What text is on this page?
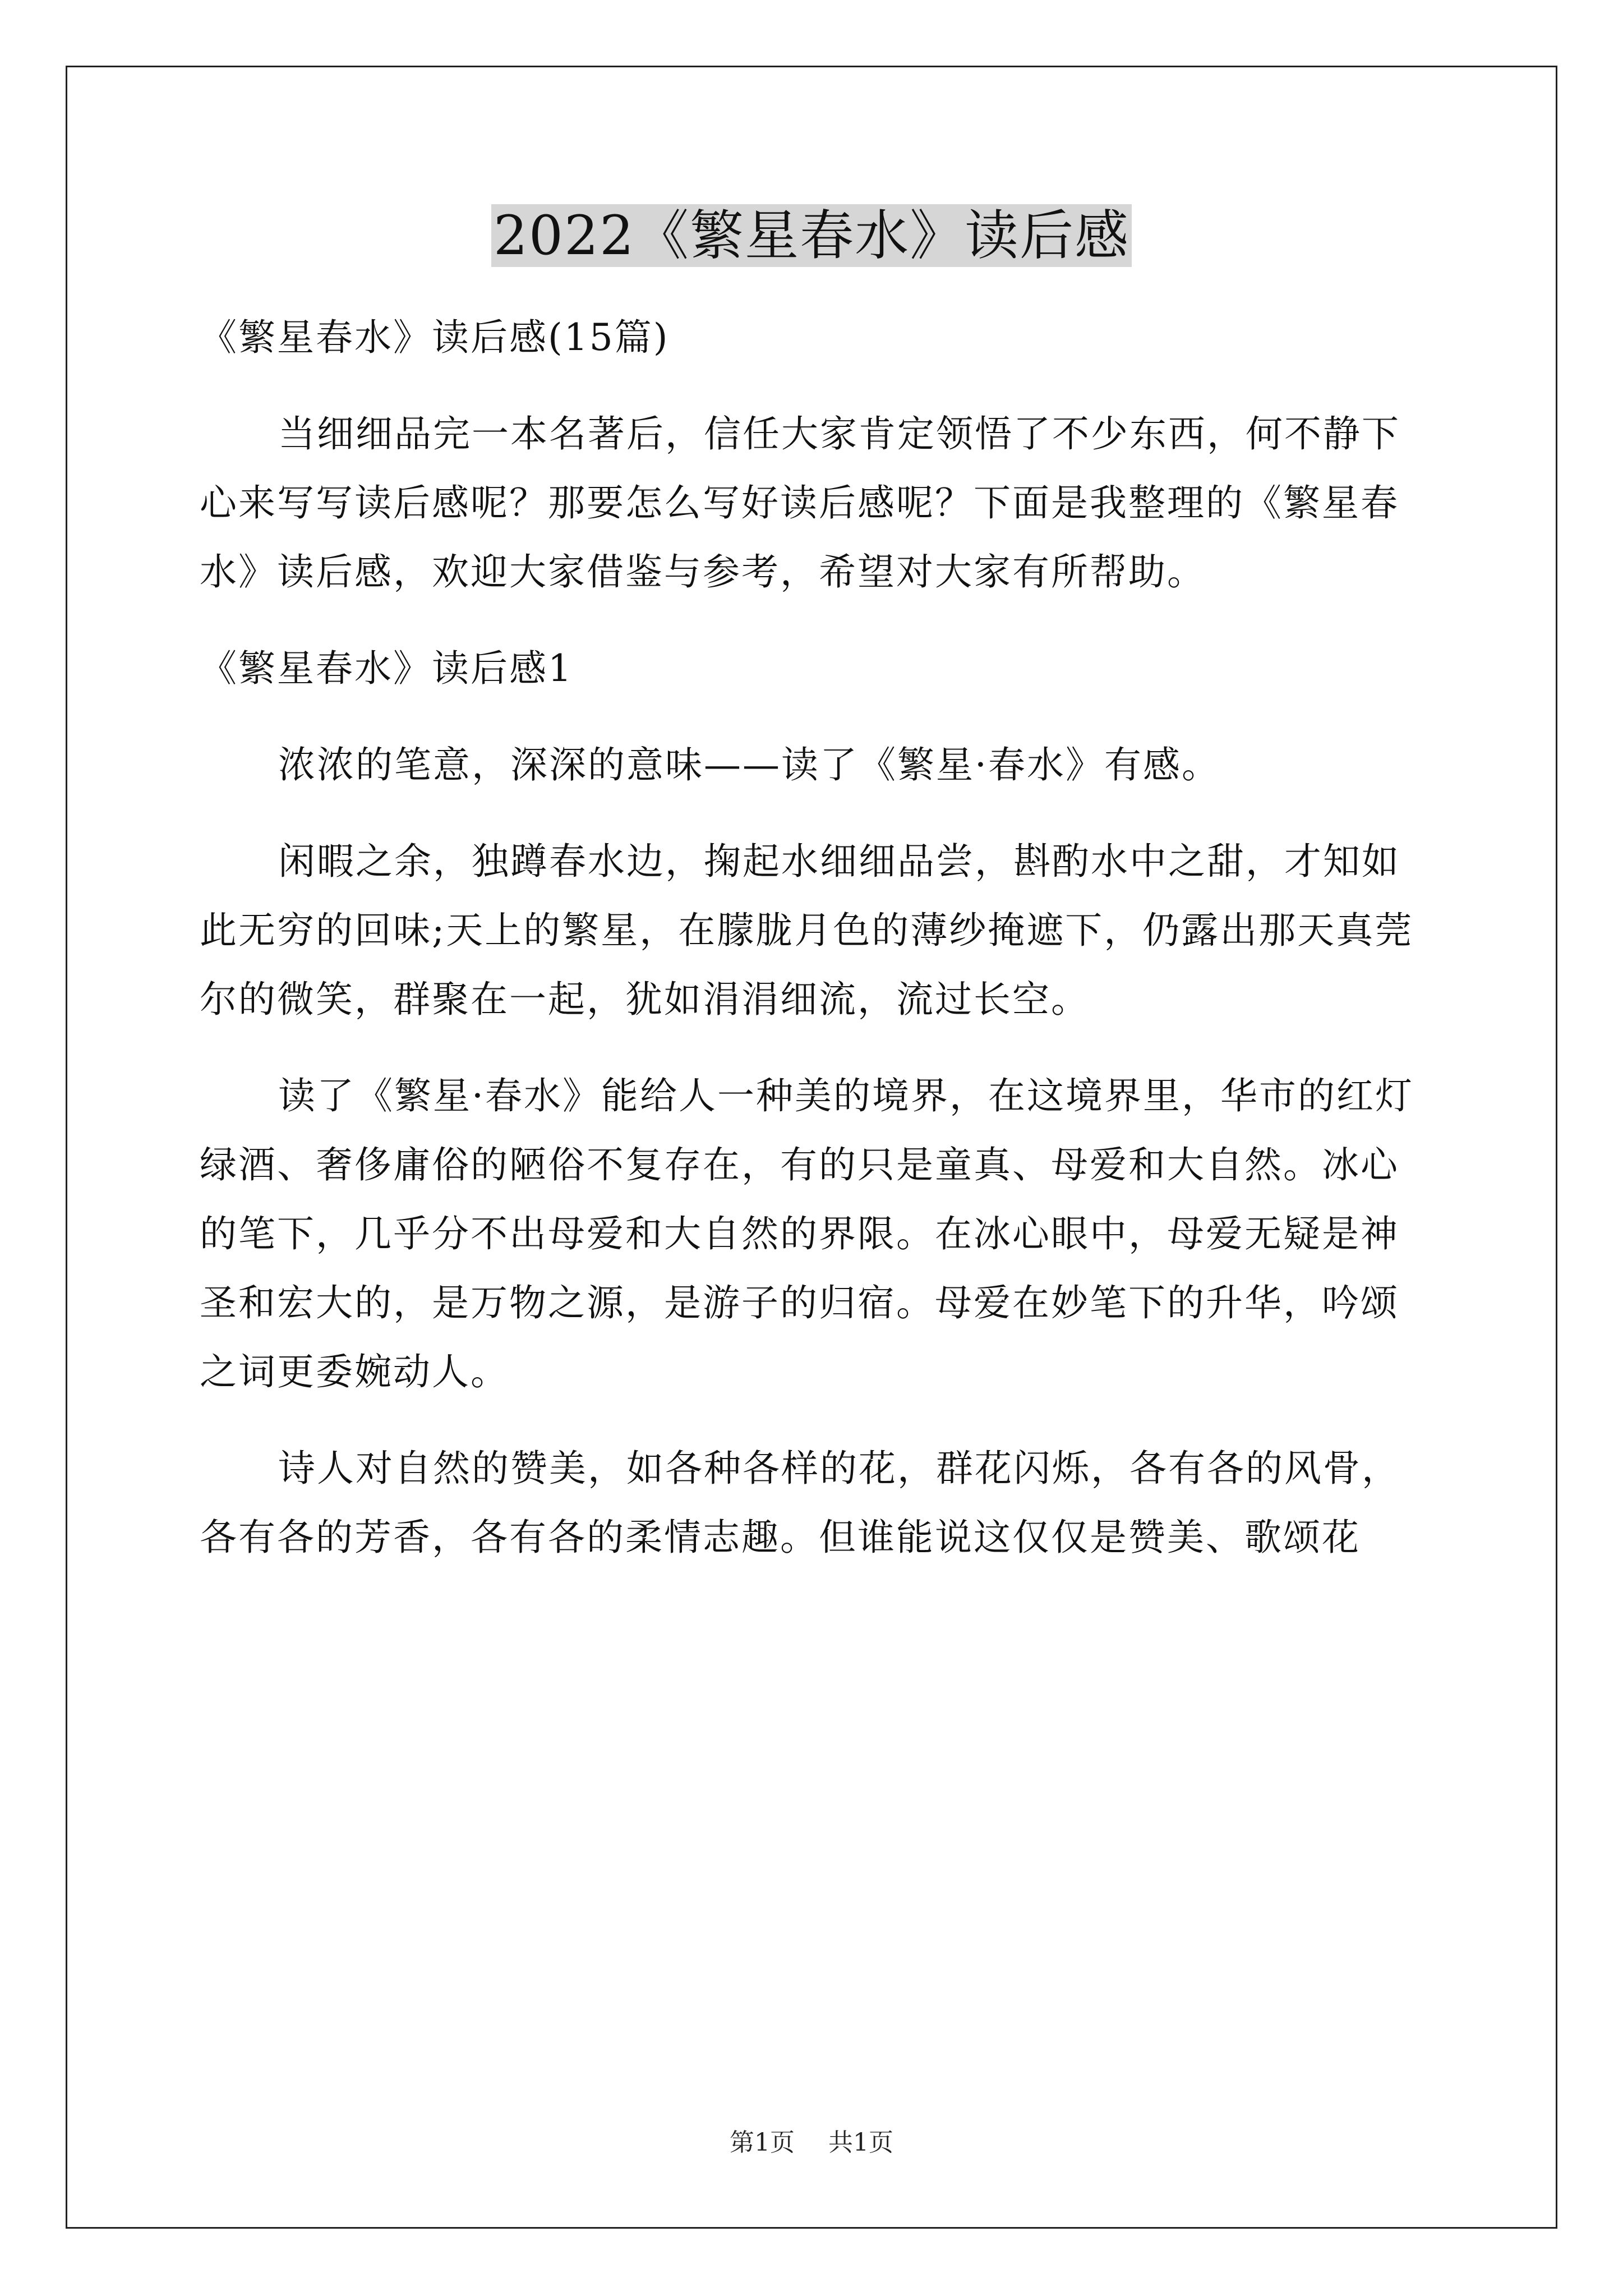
2022《繁星春水》读后感

《繁星春水》读后感(15篇)

当细细品完一本名著后，信任大家肯定领悟了不少东西，何不静下心来写写读后感呢？那要怎么写好读后感呢？下面是我整理的《繁星春水》读后感，欢迎大家借鉴与参考，希望对大家有所帮助。

《繁星春水》读后感1

浓浓的笔意，深深的意味——读了《繁星·春水》有感。

闲暇之余，独蹲春水边，掬起水细细品尝，斟酌水中之甜，才知如此无穷的回味;天上的繁星，在朦胧月色的薄纱掩遮下，仍露出那天真莞尔的微笑，群聚在一起，犹如涓涓细流，流过长空。

读了《繁星·春水》能给人一种美的境界，在这境界里，华市的红灯绿酒、奢侈庸俗的陋俗不复存在，有的只是童真、母爱和大自然。冰心的笔下，几乎分不出母爱和大自然的界限。在冰心眼中，母爱无疑是神圣和宏大的，是万物之源，是游子的归宿。母爱在妙笔下的升华，吟颂之词更委婉动人。

诗人对自然的赞美，如各种各样的花，群花闪烁，各有各的风骨，各有各的芳香，各有各的柔情志趣。但谁能说这仅仅是赞美、歌颂花

第1页 共1页
